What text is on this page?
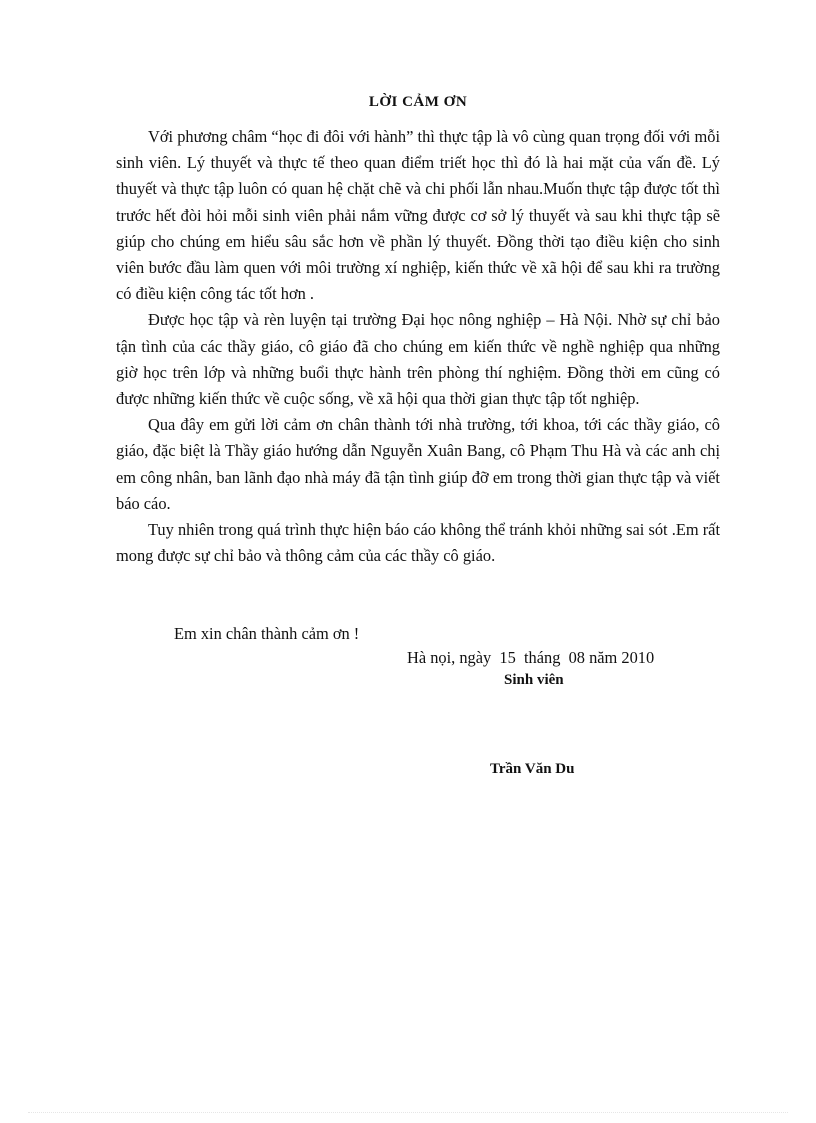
LỜI CẢM ƠN

Với phương châm “học đi đôi với hành” thì thực tập là vô cùng quan trọng đối với mỗi sinh viên. Lý thuyết và thực tế theo quan điểm triết học thì đó là hai mặt của vấn đề. Lý thuyết và thực tập luôn có quan hệ chặt chẽ và chi phối lẫn nhau.Muốn thực tập được tốt thì trước hết đòi hỏi mỗi sinh viên phải nắm vững được cơ sở lý thuyết và sau khi thực tập sẽ giúp cho chúng em hiểu sâu sắc hơn về phần lý thuyết. Đồng thời tạo điều kiện cho sinh viên bước đầu làm quen với môi trường xí nghiệp, kiến thức về xã hội để sau khi ra trường có điều kiện công tác tốt hơn .

Được học tập và rèn luyện tại trường Đại học nông nghiệp – Hà Nội. Nhờ sự chỉ bảo tận tình của các thầy giáo, cô giáo đã cho chúng em kiến thức về nghề nghiệp qua những giờ học trên lớp và những buổi thực hành trên phòng thí nghiệm. Đồng thời em cũng có được những kiến thức về cuộc sống, về xã hội qua thời gian thực tập tốt nghiệp.

Qua đây em gửi lời cảm ơn chân thành tới nhà trường, tới khoa, tới các thầy giáo, cô giáo, đặc biệt là Thầy giáo hướng dẫn Nguyễn Xuân Bang, cô Phạm Thu Hà và các anh chị em công nhân, ban lãnh đạo nhà máy đã tận tình giúp đỡ em trong thời gian thực tập và viết báo cáo.

Tuy nhiên trong quá trình thực hiện báo cáo không thể tránh khỏi những sai sót .Em rất mong được sự chỉ bảo và thông cảm của các thầy cô giáo.

Em xin chân thành cảm ơn !
Hà nọi, ngày  15  tháng  08 năm 2010
Sinh viên
Trần Văn Du
